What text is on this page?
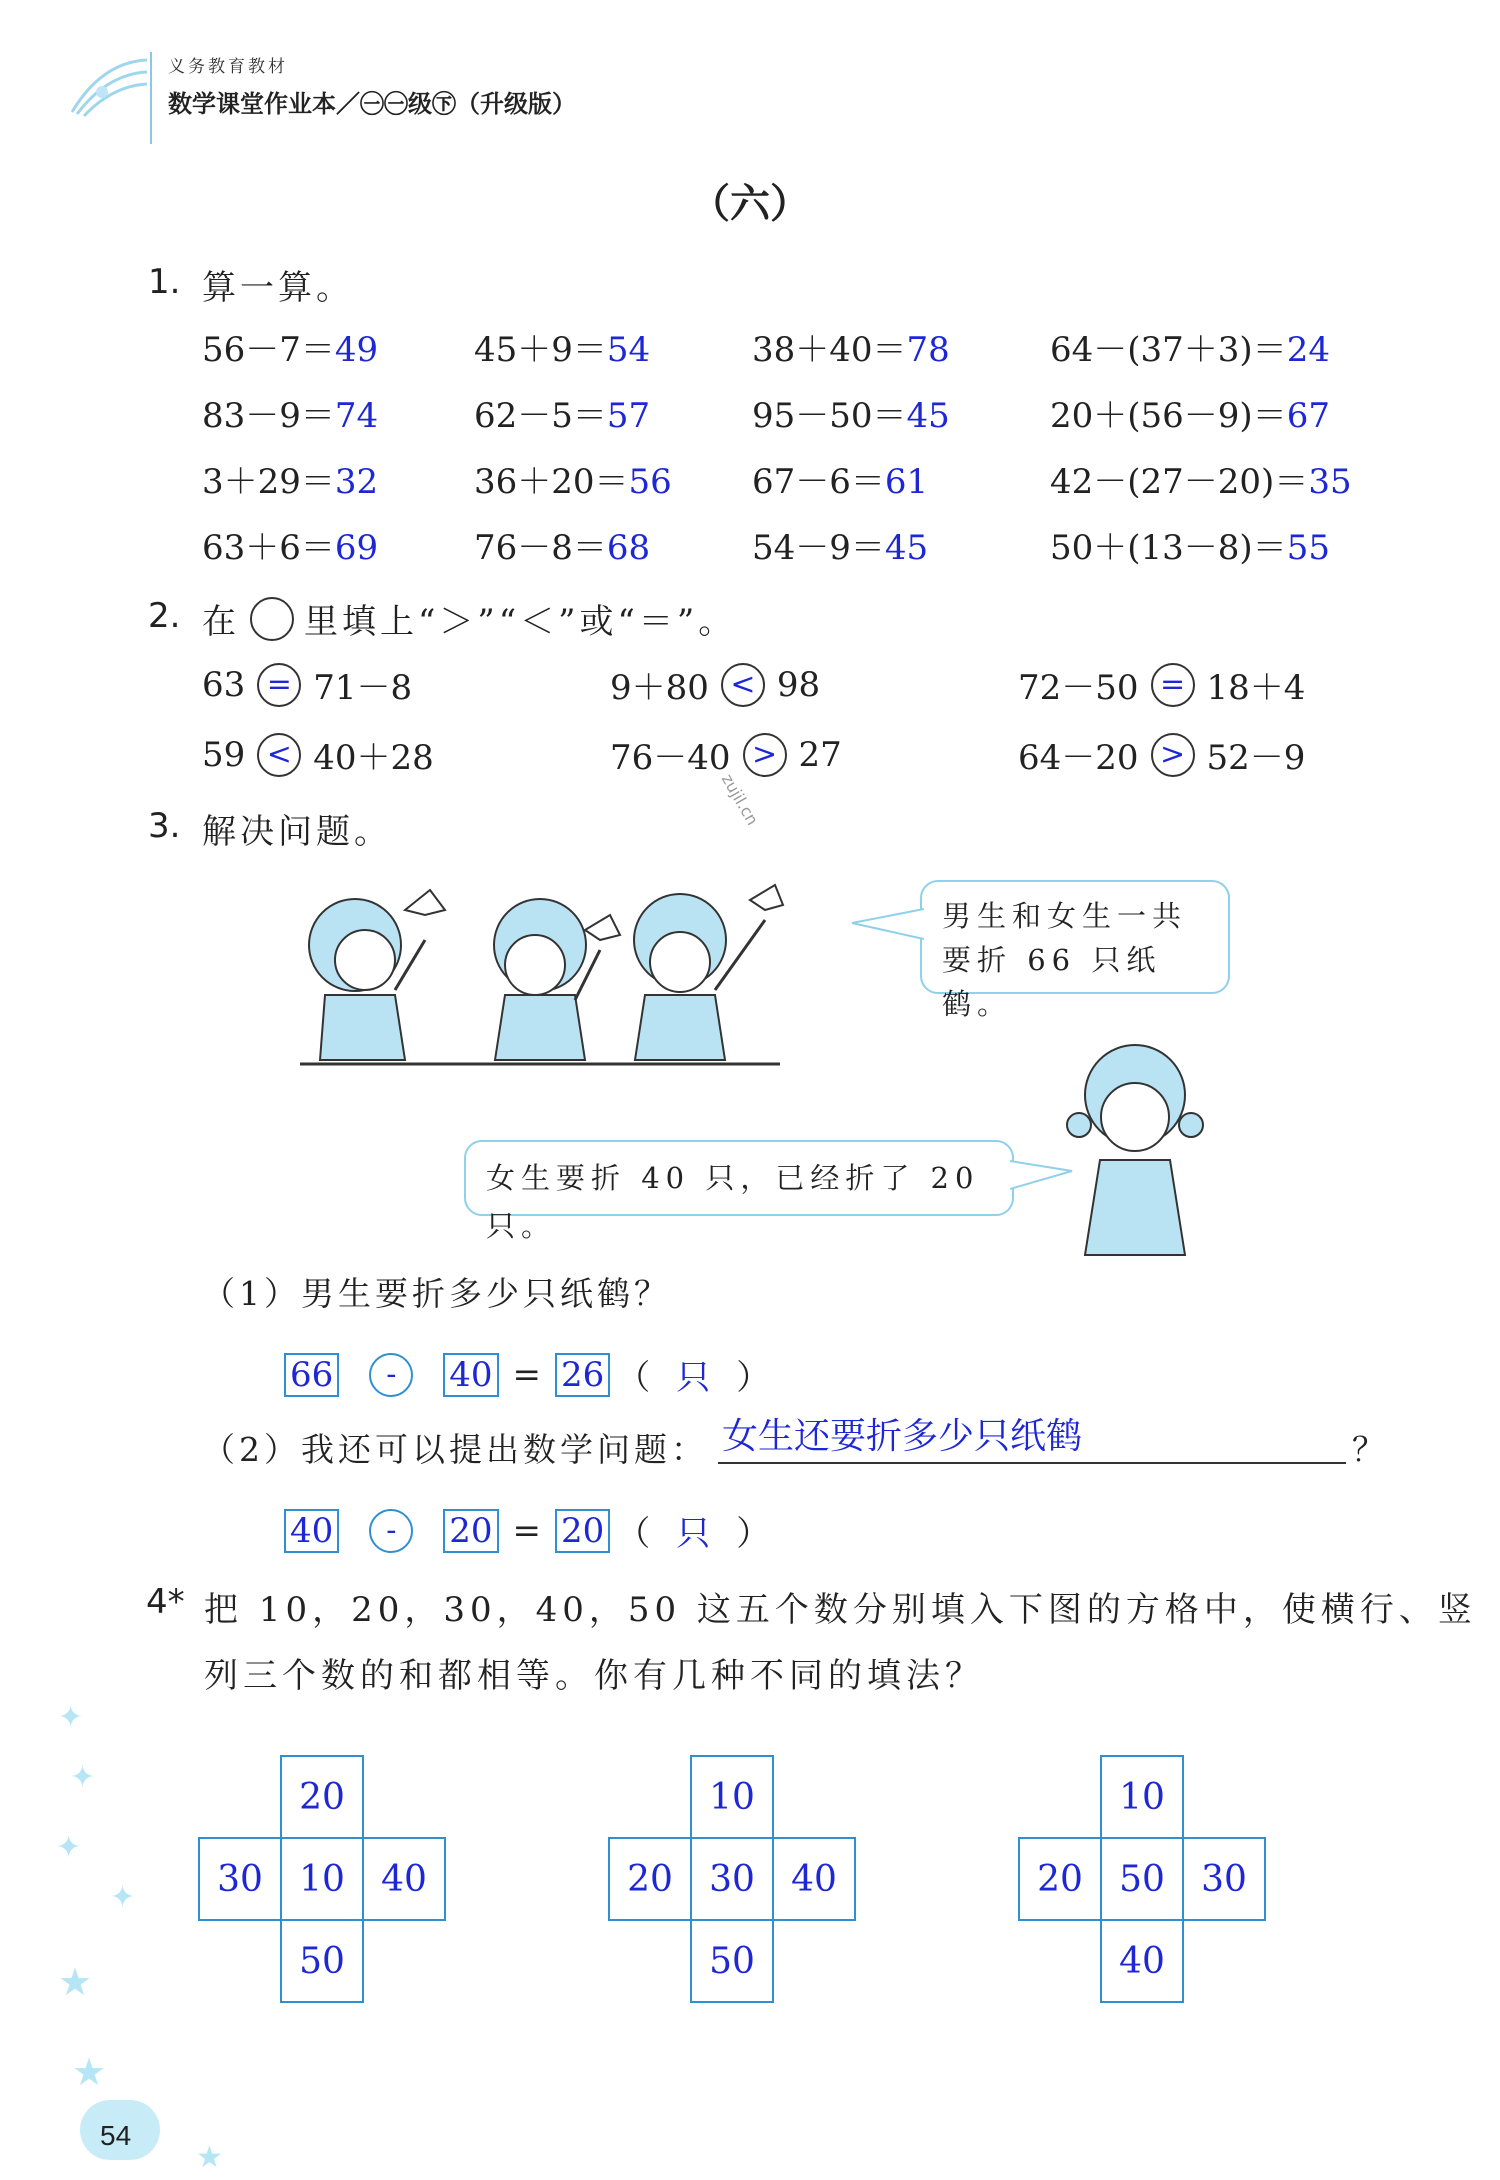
义务教育教材
数学课堂作业本／㊀㊀级㊦（升级版）
（六）
1. 算一算。
56－7＝49	45＋9＝54	38＋40＝78	64－(37＋3)＝24
83－9＝74	62－5＝57	95－50＝45	20＋(56－9)＝67
3＋29＝32	36＋20＝56 67－6＝61	42－(27－20)＝35
63＋6＝69	76－8＝68	54－9＝45	50＋(13－8)＝55
2. 在 里填上“＞”“＜”或“＝”。
63 = 71－8	9＋80 < 98	72－50 = 18＋4
59 < 40＋28	76－40 > 27	64－20 > 52－9
zujil.cn
3. 解决问题。
男生和女生一共要折 66 只纸鹤。
女生要折 40 只，已经折了 20 只。
（1）男生要折多少只纸鹤？
66	-	40 = 26 （ 只 ）
（2）我还可以提出数学问题： 女生还要折多少只纸鹤	？
40	-	20 = 20 （ 只 ）
4* 把 10，20，30，40，50 这五个数分别填入下图的方格中，使横行、竖
列三个数的和都相等。你有几种不同的填法？
20
30	10	40
50
10
20	30	40
50
10
20	50	30
40
✦
✦
✦
✦
★
★
★
54
